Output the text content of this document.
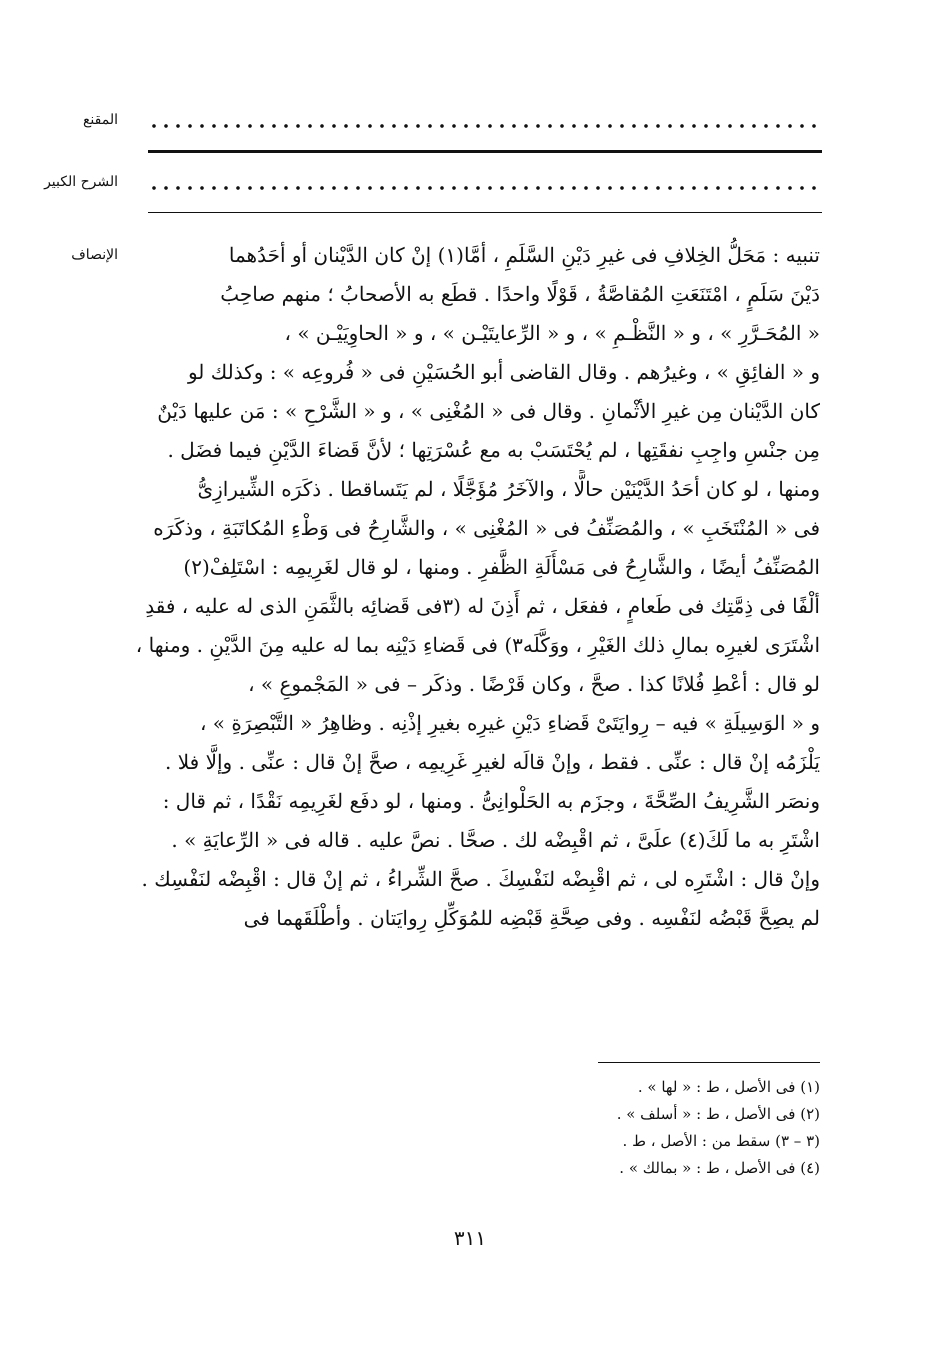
المقنع
الشرح الكبير
الإنصاف	تنبيه : مَحَلُّ الخِلافِ فى غيرِ دَيْنِ السَّلَمِ ، أمَّا(١) إنْ كان الدَّيْنان أو أحَدُهما
دَيْنَ سَلَمٍ ، امْتَنَعَتِ المُقاصَّةُ ، قَوْلًا واحدًا . قطَع به الأصحابُ ؛ منهم صاحِبُ
« المُحَـرَّرِ » ، و « النَّظْـمِ » ، و « الرِّعايتَيْـن » ، و « الحاوِيَيْـن » ،
و « الفائِقِ » ، وغيرُهم . وقال القاضى أبو الحُسَيْنِ فى « فُروعِه » : وكذلك لو
كان الدَّيْنان مِن غيرِ الأثْمانِ . وقال فى « المُغْنِى » ، و « الشَّرْحِ » : مَن عليها دَيْنٌ
مِن جنْسِ واجِبِ نفقَتِها ، لم يُحْتَسَبْ به مع عُسْرَتِها ؛ لأنَّ قَضاءَ الدَّيْنِ فيما فضَل .
ومنها ، لو كان أحَدُ الدَّيْنَيْن حالًّا ، والآخَرُ مُؤَجَّلًا ، لم يَتَساقطا . ذكَرَه الشِّيرازِىُّ
فى « المُنْتَخَبِ » ، والمُصَنِّفُ فى « المُغْنِى » ، والشَّارِحُ فى وَطْءِ المُكاتَبَةِ ، وذكَرَه
المُصَنِّفُ أيضًا ، والشَّارِحُ فى مَسْأَلَةِ الظَّفرِ . ومنها ، لو قال لغَرِيمِه : اسْتَلِفْ(٢)
ألْفًا فى ذِمَّتِك فى طَعامٍ ، ففعَل ، ثم أَذِنَ له (٣فى قَضائِه بالثَّمَنِ الذى له عليه ، فقدِ
اشْتَرَى لغيرِه بمالِ ذلك الغَيْرِ ، ووَكَّلَه٣) فى قَضاءِ دَيْنِه بما له عليه مِنَ الدَّيْنِ . ومنها ،
لو قال : أعْطِ فُلانًا كذا . صحَّ ، وكان قَرْضًا . وذكَر – فى « المَجْموعِ » ،
و « الوَسِيلَةِ » فيه – رِوايَتَىْ قَضاءِ دَيْنِ غيرِه بغيرِ إذْنِه . وظاهِرُ « التَّبْصِرَةِ » ،
يَلْزَمُه إنْ قال : عنِّى . فقط ، وإنْ قالَه لغيرِ غَرِيمِه ، صحَّ إنْ قال : عنِّى . وإلَّا فلا .
ونصَر الشَّرِيفُ الصِّحَّةَ ، وجزَم به الحَلْوانِىُّ . ومنها ، لو دفَع لغَرِيمِه نَقْدًا ، ثم قال :
اشْتَرِ به ما لَكَ(٤) علَىَّ ، ثم اقْبِضْه لك . صحَّا . نصَّ عليه . قاله فى « الرِّعايَةِ » .
وإنْ قال : اشْتَرِه لى ، ثم اقْبِضْه لنَفْسِكَ . صحَّ الشِّراءُ ، ثم إنْ قال : اقْبِضْه لنَفْسِك .
لم يصِحَّ قَبْضُه لنَفْسِه . وفى صِحَّةِ قَبْضِه للمُوَكِّلِ رِوايَتان . وأطْلَقَهما فى
(١) فى الأصل ، ط : « لها » .
(٢) فى الأصل ، ط : « أسلف » .
(٣ – ٣) سقط من : الأصل ، ط .
(٤) فى الأصل ، ط : « بمالك » .
٣١١
